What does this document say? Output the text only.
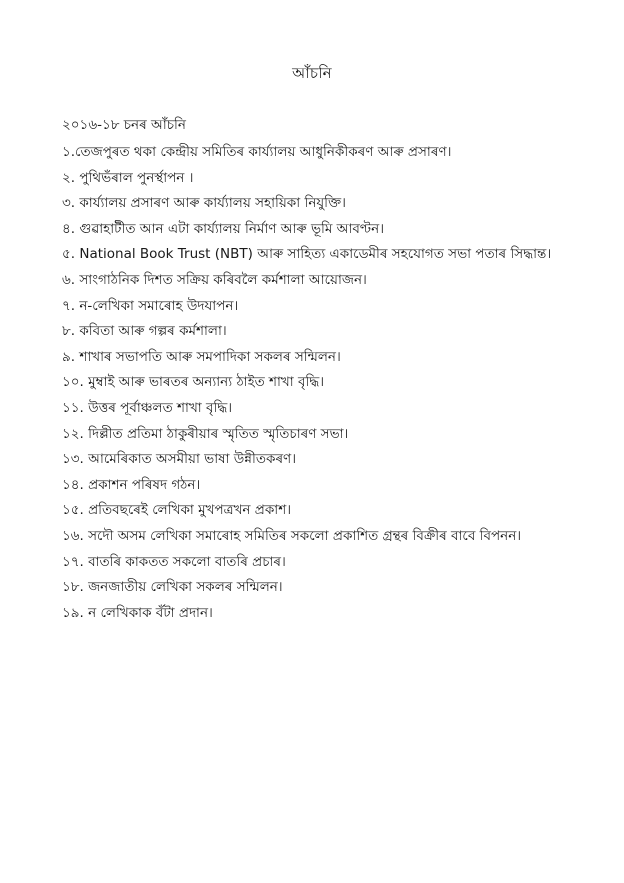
আঁচনি
২০১৬-১৮ চনৰ আঁচনি
১.তেজপুৰত থকা কেন্দ্ৰীয় সমিতিৰ কাৰ্য্যালয় আধুনিকীকৰণ আৰু প্ৰসাৰণ।
২. পুথিভঁৰাল পুনৰ্স্থাপন ।
৩. কাৰ্য্যালয় প্ৰসাৰণ আৰু কাৰ্য্যালয় সহায়িকা নিযুক্তি।
৪. গুৱাহাটীত আন এটা কাৰ্য্যালয় নিৰ্মাণ আৰু ভূমি আবণ্টন।
৫. National Book Trust (NBT) আৰু সাহিত্য একাডেমীৰ সহযোগত সভা পতাৰ সিদ্ধান্ত।
৬. সাংগাঠনিক দিশত সক্ৰিয় কৰিবলৈ কৰ্মশালা আয়োজন।
৭. ন-লেখিকা সমাৰোহ উদযাপন।
৮. কবিতা আৰু গল্পৰ কৰ্মশালা।
৯. শাখাৰ সভাপতি আৰু সমপাদিকা সকলৰ সন্মিলন।
১০. মুম্বাই আৰু ভাৰতৰ অন্যান্য ঠাইত শাখা বৃদ্ধি।
১১. উত্তৰ পূৰ্বাঞ্চলত শাখা বৃদ্ধি।
১২. দিল্লীত প্ৰতিমা ঠাকুৰীয়াৰ স্মৃতিত স্মৃতিচাৰণ সভা।
১৩. আমেৰিকাত অসমীয়া ভাষা উন্নীতকৰণ।
১৪. প্ৰকাশন পৰিষদ গঠন।
১৫. প্ৰতিবছৰেই লেখিকা মুখপত্ৰখন প্ৰকাশ।
১৬. সদৌ অসম লেখিকা সমাৰোহ সমিতিৰ সকলো প্ৰকাশিত গ্ৰন্থৰ বিক্ৰীৰ বাবে বিপনন।
১৭. বাতৰি কাকতত সকলো বাতৰি প্ৰচাৰ।
১৮. জনজাতীয় লেখিকা সকলৰ সন্মিলন।
১৯. ন লেখিকাক বঁটা প্ৰদান।
